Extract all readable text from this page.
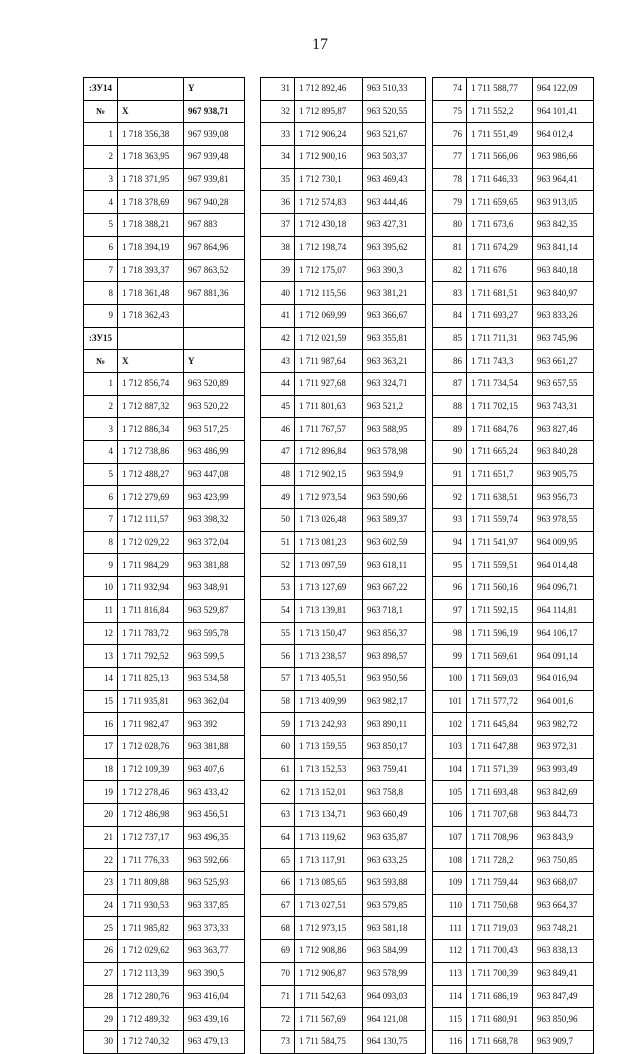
17
:ЗУ14		Y
№	X	967 938,71
1	1 718 356,38	967 939,08
2	1 718 363,95	967 939,48
3	1 718 371,95	967 939,81
4	1 718 378,69	967 940,28
5	1 718 388,21	967 883
6	1 718 394,19	967 864,96
7	1 718 393,37	967 863,52
8	1 718 361,48	967 881,36
9	1 718 362,43	
:ЗУ15		
№	X	Y
1	1 712 856,74	963 520,89
2	1 712 887,32	963 520,22
3	1 712 886,34	963 517,25
4	1 712 738,86	963 486,99
5	1 712 488,27	963 447,08
6	1 712 279,69	963 423,99
7	1 712 111,57	963 398,32
8	1 712 029,22	963 372,04
9	1 711 984,29	963 381,88
10	1 711 932,94	963 348,91
11	1 711 816,84	963 529,87
12	1 711 783,72	963 595,78
13	1 711 792,52	963 599,5
14	1 711 825,13	963 534,58
15	1 711 935,81	963 362,04
16	1 711 982,47	963 392
17	1 712 028,76	963 381,88
18	1 712 109,39	963 407,6
19	1 712 278,46	963 433,42
20	1 712 486,98	963 456,51
21	1 712 737,17	963 496,35
22	1 711 776,33	963 592,66
23	1 711 809,88	963 525,93
24	1 711 930,53	963 337,85
25	1 711 985,82	963 373,33
26	1 712 029,62	963 363,77
27	1 712 113,39	963 390,5
28	1 712 280,76	963 416,04
29	1 712 489,32	963 439,16
30	1 712 740,32	963 479,13
31	1 712 892,46	963 510,33
32	1 712 895,87	963 520,55
33	1 712 906,24	963 521,67
34	1 712 900,16	963 503,37
35	1 712 730,1	963 469,43
36	1 712 574,83	963 444,46
37	1 712 430,18	963 427,31
38	1 712 198,74	963 395,62
39	1 712 175,07	963 390,3
40	1 712 115,56	963 381,21
41	1 712 069,99	963 366,67
42	1 712 021,59	963 355,81
43	1 711 987,64	963 363,21
44	1 711 927,68	963 324,71
45	1 711 801,63	963 521,2
46	1 711 767,57	963 588,95
47	1 712 896,84	963 578,98
48	1 712 902,15	963 594,9
49	1 712 973,54	963 590,66
50	1 713 026,48	963 589,37
51	1 713 081,23	963 602,59
52	1 713 097,59	963 618,11
53	1 713 127,69	963 667,22
54	1 713 139,81	963 718,1
55	1 713 150,47	963 856,37
56	1 713 238,57	963 898,57
57	1 713 405,51	963 950,56
58	1 713 409,99	963 982,17
59	1 713 242,93	963 890,11
60	1 713 159,55	963 850,17
61	1 713 152,53	963 759,41
62	1 713 152,01	963 758,8
63	1 713 134,71	963 660,49
64	1 713 119,62	963 635,87
65	1 713 117,91	963 633,25
66	1 713 085,65	963 593,88
67	1 713 027,51	963 579,85
68	1 712 973,15	963 581,18
69	1 712 908,86	963 584,99
70	1 712 906,87	963 578,99
71	1 711 542,63	964 093,03
72	1 711 567,69	964 121,08
73	1 711 584,75	964 130,75
74	1 711 588,77	964 122,09
75	1 711 552,2	964 101,41
76	1 711 551,49	964 012,4
77	1 711 566,06	963 986,66
78	1 711 646,33	963 964,41
79	1 711 659,65	963 913,05
80	1 711 673,6	963 842,35
81	1 711 674,29	963 841,14
82	1 711 676	963 840,18
83	1 711 681,51	963 840,97
84	1 711 693,27	963 833,26
85	1 711 711,31	963 745,96
86	1 711 743,3	963 661,27
87	1 711 734,54	963 657,55
88	1 711 702,15	963 743,31
89	1 711 684,76	963 827,46
90	1 711 665,24	963 840,28
91	1 711 651,7	963 905,75
92	1 711 638,51	963 956,73
93	1 711 559,74	963 978,55
94	1 711 541,97	964 009,95
95	1 711 559,51	964 014,48
96	1 711 560,16	964 096,71
97	1 711 592,15	964 114,81
98	1 711 596,19	964 106,17
99	1 711 569,61	964 091,14
100	1 711 569,03	964 016,94
101	1 711 577,72	964 001,6
102	1 711 645,84	963 982,72
103	1 711 647,88	963 972,31
104	1 711 571,39	963 993,49
105	1 711 693,48	963 842,69
106	1 711 707,68	963 844,73
107	1 711 708,96	963 843,9
108	1 711 728,2	963 750,85
109	1 711 759,44	963 668,07
110	1 711 750,68	963 664,37
111	1 711 719,03	963 748,21
112	1 711 700,43	963 838,13
113	1 711 700,39	963 849,41
114	1 711 686,19	963 847,49
115	1 711 680,91	963 850,96
116	1 711 668,78	963 909,7
